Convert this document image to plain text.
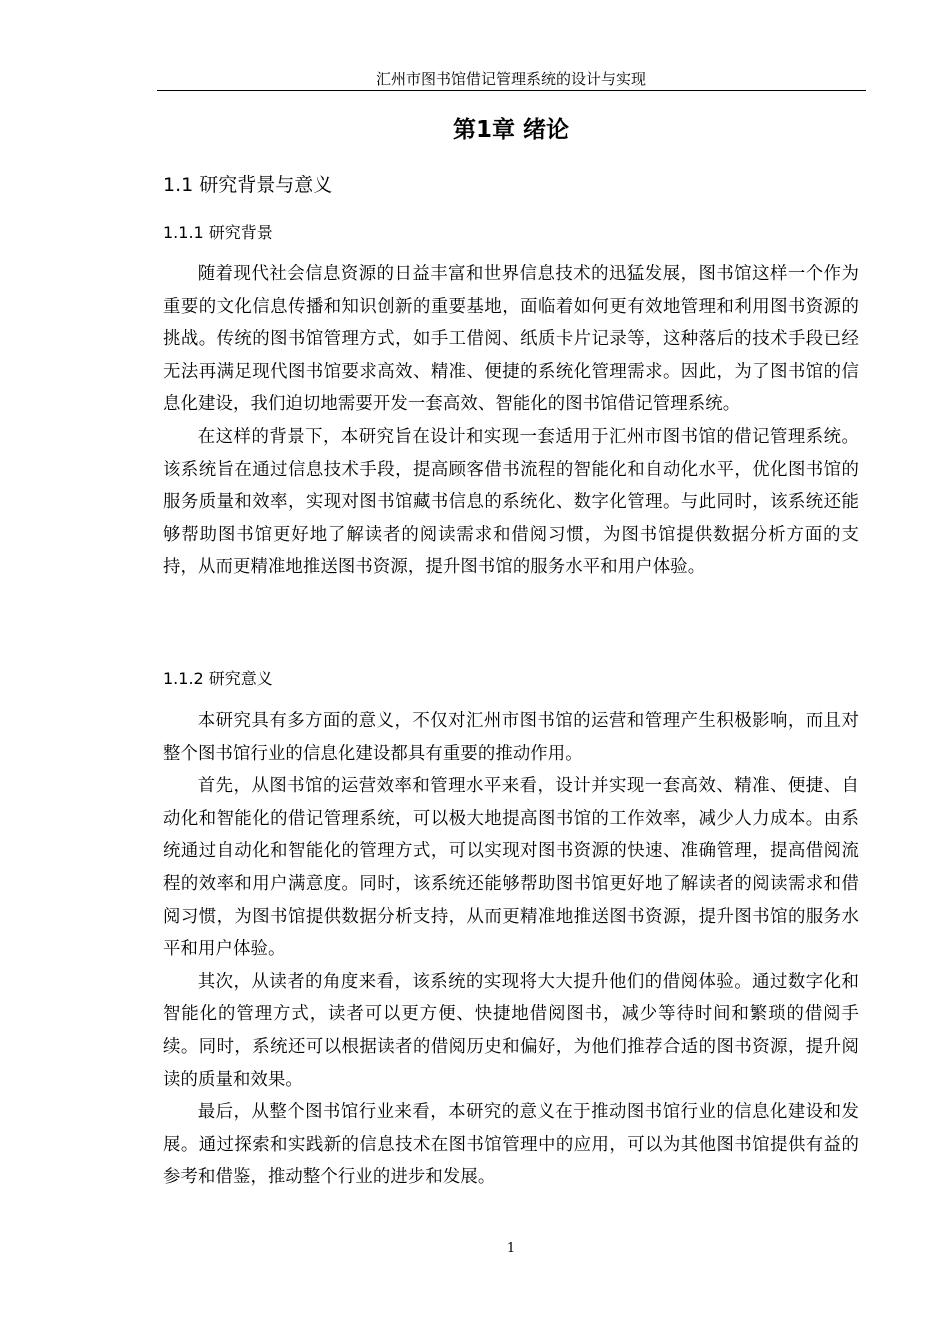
汇州市图书馆借记管理系统的设计与实现
第1章 绪论
1.1 研究背景与意义
1.1.1 研究背景

随着现代社会信息资源的日益丰富和世界信息技术的迅猛发展，图书馆这样一个作为重要的文化信息传播和知识创新的重要基地，面临着如何更有效地管理和利用图书资源的挑战。传统的图书馆管理方式，如手工借阅、纸质卡片记录等，这种落后的技术手段已经无法再满足现代图书馆要求高效、精准、便捷的系统化管理需求。因此，为了图书馆的信息化建设，我们迫切地需要开发一套高效、智能化的图书馆借记管理系统。

在这样的背景下，本研究旨在设计和实现一套适用于汇州市图书馆的借记管理系统。该系统旨在通过信息技术手段，提高顾客借书流程的智能化和自动化水平，优化图书馆的服务质量和效率，实现对图书馆藏书信息的系统化、数字化管理。与此同时，该系统还能够帮助图书馆更好地了解读者的阅读需求和借阅习惯，为图书馆提供数据分析方面的支持，从而更精准地推送图书资源，提升图书馆的服务水平和用户体验。

1.1.2 研究意义

本研究具有多方面的意义，不仅对汇州市图书馆的运营和管理产生积极影响，而且对整个图书馆行业的信息化建设都具有重要的推动作用。

首先，从图书馆的运营效率和管理水平来看，设计并实现一套高效、精准、便捷、自动化和智能化的借记管理系统，可以极大地提高图书馆的工作效率，减少人力成本。由系统通过自动化和智能化的管理方式，可以实现对图书资源的快速、准确管理，提高借阅流程的效率和用户满意度。同时，该系统还能够帮助图书馆更好地了解读者的阅读需求和借阅习惯，为图书馆提供数据分析支持，从而更精准地推送图书资源，提升图书馆的服务水平和用户体验。

其次，从读者的角度来看，该系统的实现将大大提升他们的借阅体验。通过数字化和智能化的管理方式，读者可以更方便、快捷地借阅图书，减少等待时间和繁琐的借阅手续。同时，系统还可以根据读者的借阅历史和偏好，为他们推荐合适的图书资源，提升阅读的质量和效果。

最后，从整个图书馆行业来看，本研究的意义在于推动图书馆行业的信息化建设和发展。通过探索和实践新的信息技术在图书馆管理中的应用，可以为其他图书馆提供有益的参考和借鉴，推动整个行业的进步和发展。

1
